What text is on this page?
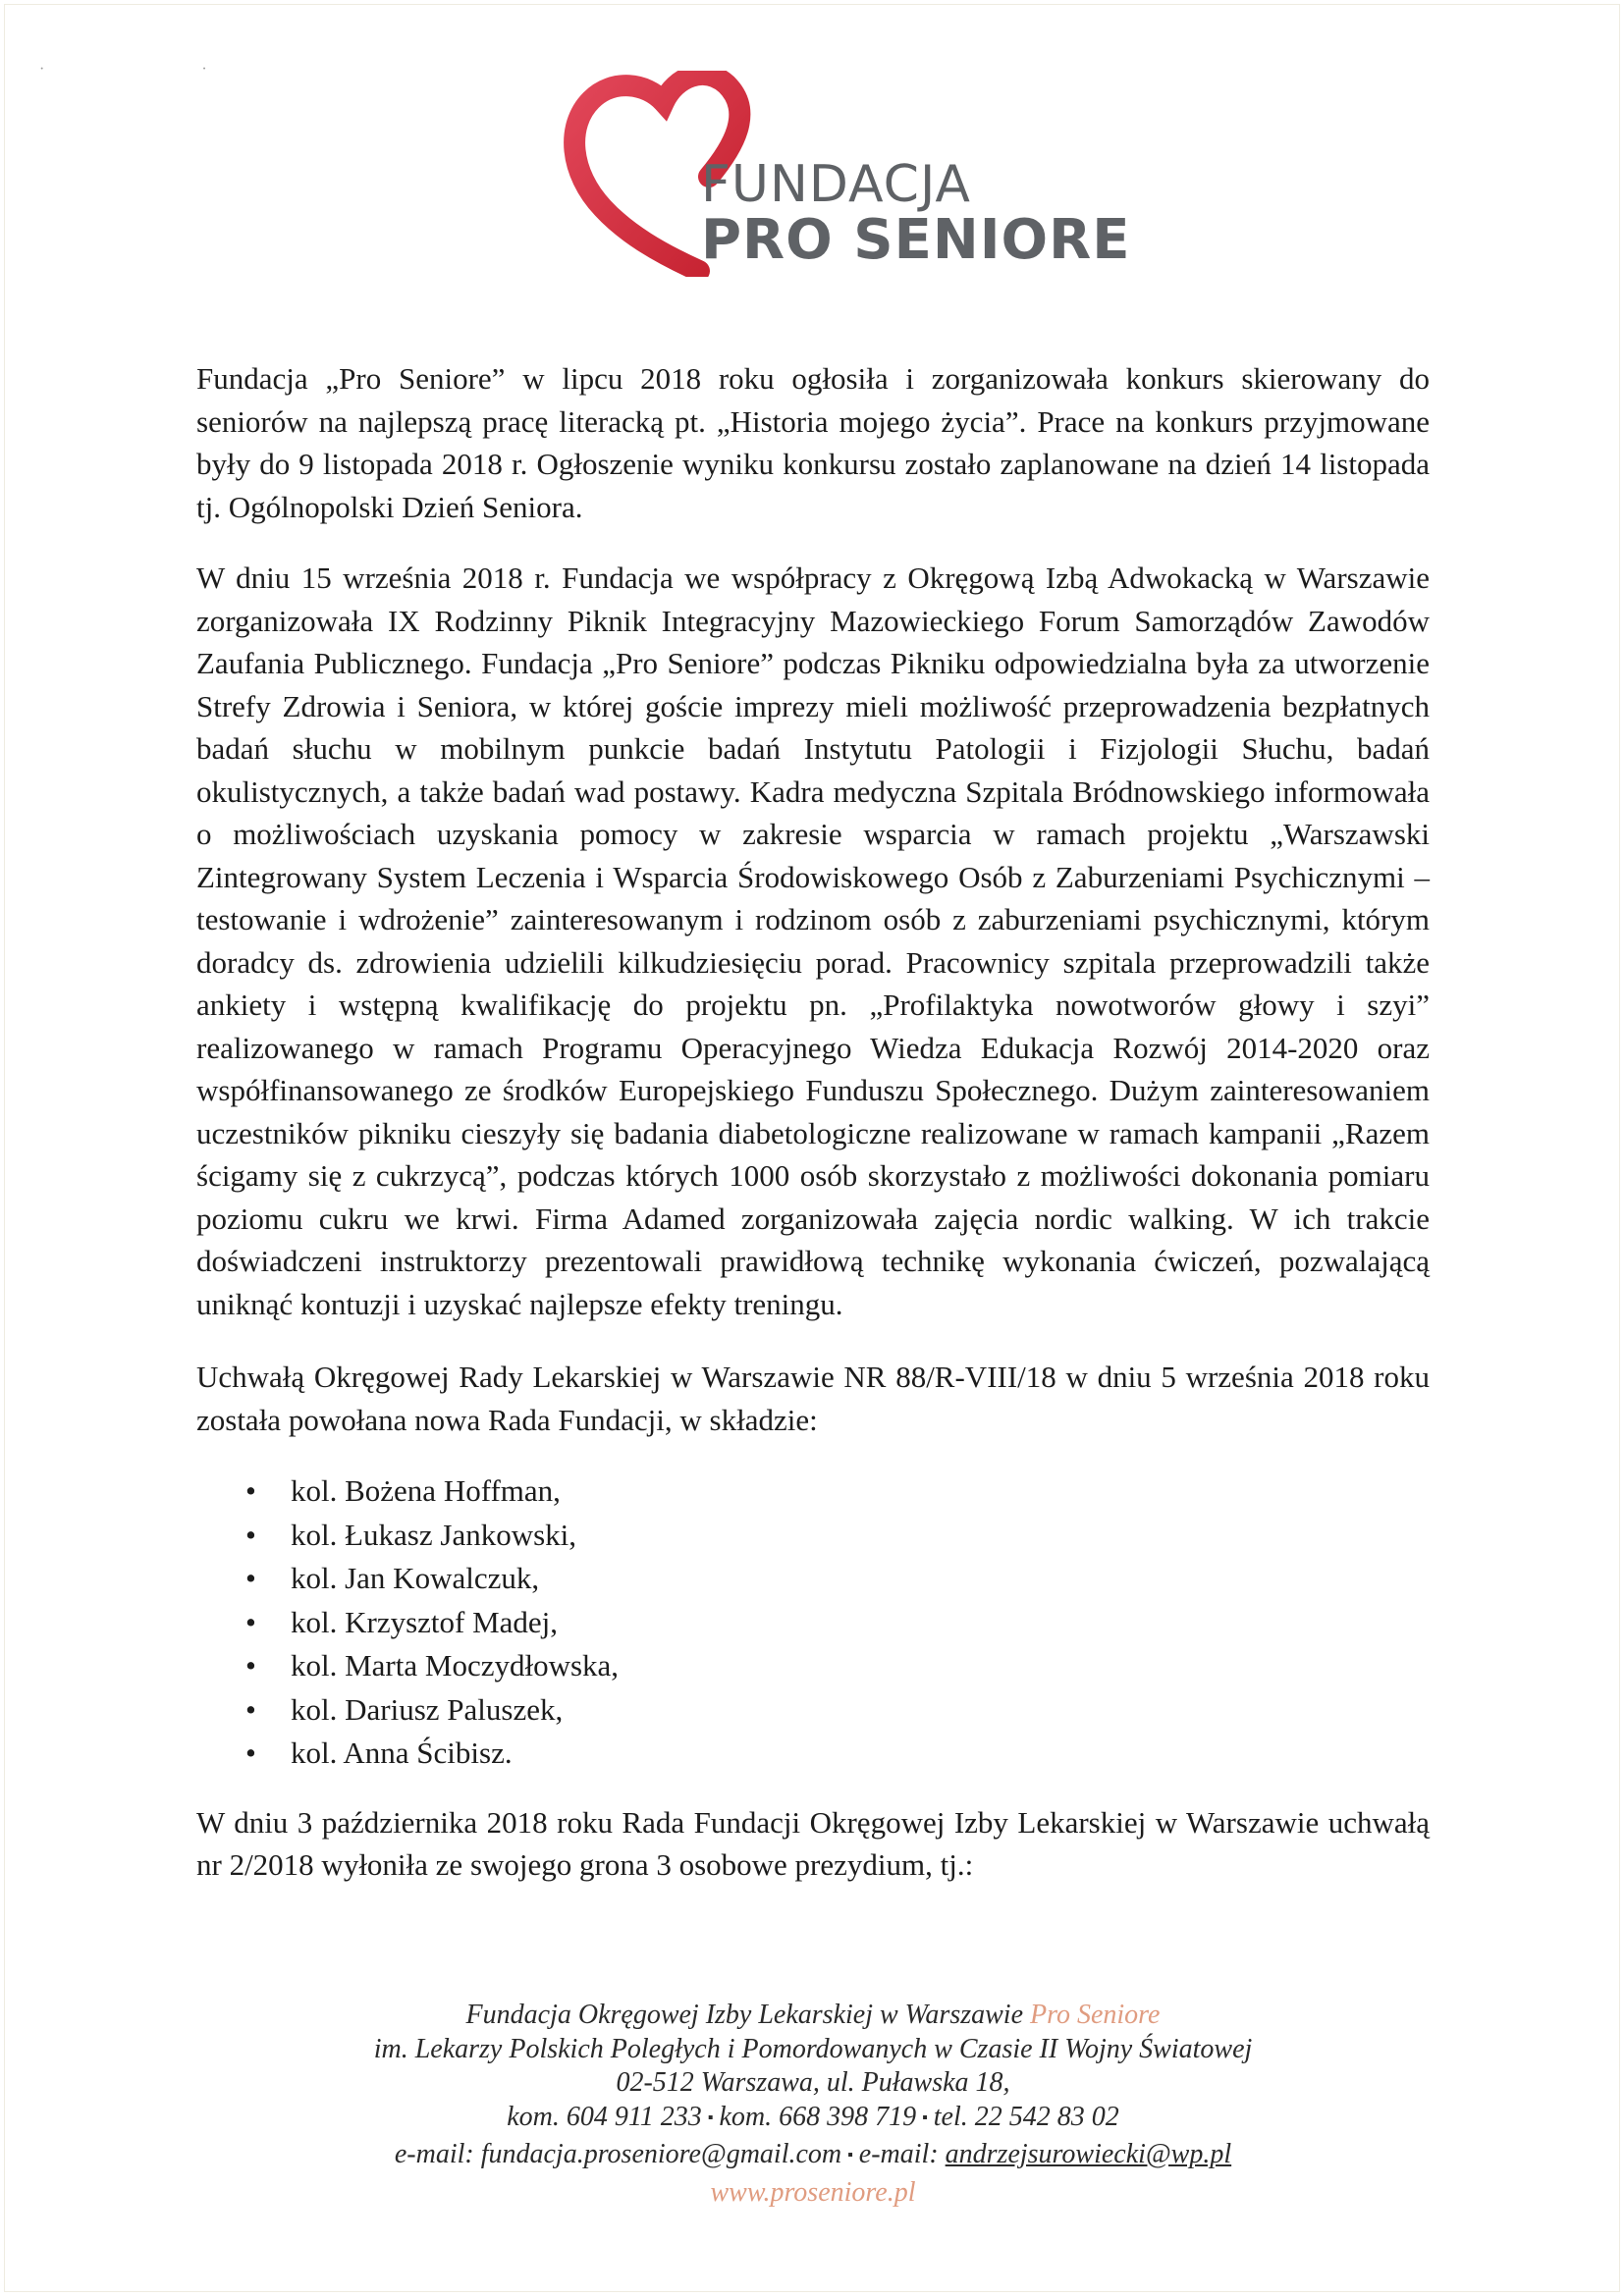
· ·
FUNDACJA
PRO SENIORE

Fundacja „Pro Seniore” w lipcu 2018 roku ogłosiła i zorganizowała konkurs skierowany do seniorów na najlepszą pracę literacką pt. „Historia mojego życia”. Prace na konkurs przyjmowane były do 9 listopada 2018 r. Ogłoszenie wyniku konkursu zostało zaplanowane na dzień 14 listopada tj. Ogólnopolski Dzień Seniora.

W dniu 15 września 2018 r. Fundacja we współpracy z Okręgową Izbą Adwokacką w Warszawie zorganizowała IX Rodzinny Piknik Integracyjny Mazowieckiego Forum Samorządów Zawodów Zaufania Publicznego. Fundacja „Pro Seniore” podczas Pikniku odpowiedzialna była za utworzenie Strefy Zdrowia i Seniora, w której goście imprezy mieli możliwość przeprowadzenia bezpłatnych badań słuchu w mobilnym punkcie badań Instytutu Patologii i Fizjologii Słuchu, badań okulistycznych, a także badań wad postawy. Kadra medyczna Szpitala Bródnowskiego informowała o możliwościach uzyskania pomocy w zakresie wsparcia w ramach projektu „Warszawski Zintegrowany System Leczenia i Wsparcia Środowiskowego Osób z Zaburzeniami Psychicznymi – testowanie i wdrożenie” zainteresowanym i rodzinom osób z zaburzeniami psychicznymi, którym doradcy ds. zdrowienia udzielili kilkudziesięciu porad. Pracownicy szpitala przeprowadzili także ankiety i wstępną kwalifikację do projektu pn. „Profilaktyka nowotworów głowy i szyi” realizowanego w ramach Programu Operacyjnego Wiedza Edukacja Rozwój 2014-2020 oraz współfinansowanego ze środków Europejskiego Funduszu Społecznego. Dużym zainteresowaniem uczestników pikniku cieszyły się badania diabetologiczne realizowane w ramach kampanii „Razem ścigamy się z cukrzycą”, podczas których 1000 osób skorzystało z możliwości dokonania pomiaru poziomu cukru we krwi. Firma Adamed zorganizowała zajęcia nordic walking. W ich trakcie doświadczeni instruktorzy prezentowali prawidłową technikę wykonania ćwiczeń, pozwalającą uniknąć kontuzji i uzyskać najlepsze efekty treningu.

Uchwałą Okręgowej Rady Lekarskiej w Warszawie NR 88/R-VIII/18 w dniu 5 września 2018 roku została powołana nowa Rada Fundacji, w składzie:

• kol. Bożena Hoffman,
• kol. Łukasz Jankowski,
• kol. Jan Kowalczuk,
• kol. Krzysztof Madej,
• kol. Marta Moczydłowska,
• kol. Dariusz Paluszek,
• kol. Anna Ścibisz.

W dniu 3 października 2018 roku Rada Fundacji Okręgowej Izby Lekarskiej w Warszawie uchwałą nr 2/2018 wyłoniła ze swojego grona 3 osobowe prezydium, tj.:

Fundacja Okręgowej Izby Lekarskiej w Warszawie Pro Seniore
im. Lekarzy Polskich Poległych i Pomordowanych w Czasie II Wojny Światowej
02-512 Warszawa, ul. Puławska 18,
kom. 604 911 233 ▪ kom. 668 398 719 ▪ tel. 22 542 83 02
e-mail: fundacja.proseniore@gmail.com ▪ e-mail: andrzejsurowiecki@wp.pl
www.proseniore.pl
